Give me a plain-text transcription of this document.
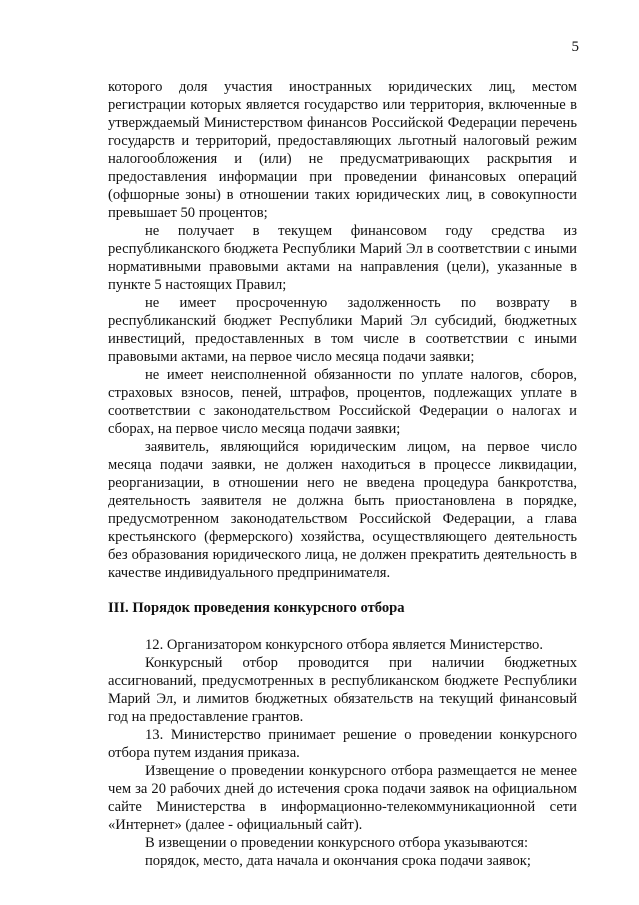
5

которого доля участия иностранных юридических лиц, местом регистрации которых является государство или территория, включенные в утверждаемый Министерством финансов Российской Федерации перечень государств и территорий, предоставляющих льготный налоговый режим налогообложения и (или) не предусматривающих раскрытия и предоставления информации при проведении финансовых операций (офшорные зоны) в отношении таких юридических лиц, в совокупности превышает 50 процентов;

не получает в текущем финансовом году средства из республиканского бюджета Республики Марий Эл в соответствии с иными нормативными правовыми актами на направления (цели), указанные в пункте 5 настоящих Правил;

не имеет просроченную задолженность по возврату в республиканский бюджет Республики Марий Эл субсидий, бюджетных инвестиций, предоставленных в том числе в соответствии с иными правовыми актами, на первое число месяца подачи заявки;

не имеет неисполненной обязанности по уплате налогов, сборов, страховых взносов, пеней, штрафов, процентов, подлежащих уплате в соответствии с законодательством Российской Федерации о налогах и сборах, на первое число месяца подачи заявки;

заявитель, являющийся юридическим лицом, на первое число месяца подачи заявки, не должен находиться в процессе ликвидации, реорганизации, в отношении него не введена процедура банкротства, деятельность заявителя не должна быть приостановлена в порядке, предусмотренном законодательством Российской Федерации, а глава крестьянского (фермерского) хозяйства, осуществляющего деятельность без образования юридического лица, не должен прекратить деятельность в качестве индивидуального предпринимателя.

III. Порядок проведения конкурсного отбора

12. Организатором конкурсного отбора является Министерство.

Конкурсный отбор проводится при наличии бюджетных ассигнований, предусмотренных в республиканском бюджете Республики Марий Эл, и лимитов бюджетных обязательств на текущий финансовый год на предоставление грантов.

13. Министерство принимает решение о проведении конкурсного отбора путем издания приказа.

Извещение о проведении конкурсного отбора размещается не менее чем за 20 рабочих дней до истечения срока подачи заявок на официальном сайте Министерства в информационно-телекоммуникационной сети «Интернет» (далее - официальный сайт).

В извещении о проведении конкурсного отбора указываются:

порядок, место, дата начала и окончания срока подачи заявок;
